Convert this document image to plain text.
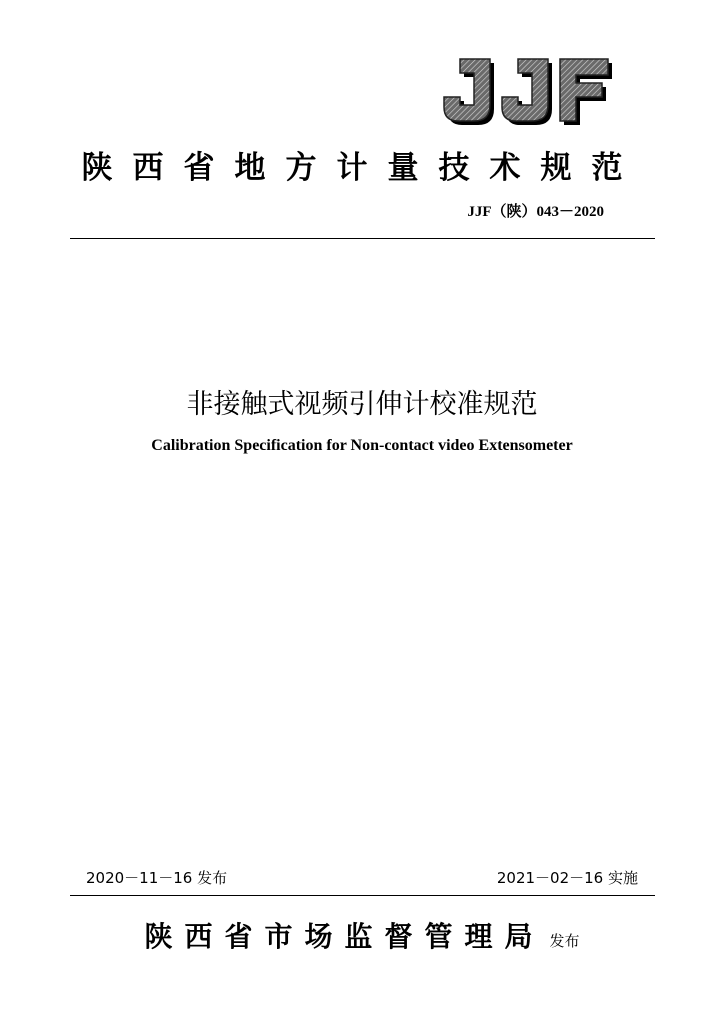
陕西省地方计量技术规范
JJF（陕）043－2020
非接触式视频引伸计校准规范
Calibration Specification for Non-contact video Extensometer
2020－11－16 发布	2021－02－16 实施
陕西省市场监督管理局 发布
